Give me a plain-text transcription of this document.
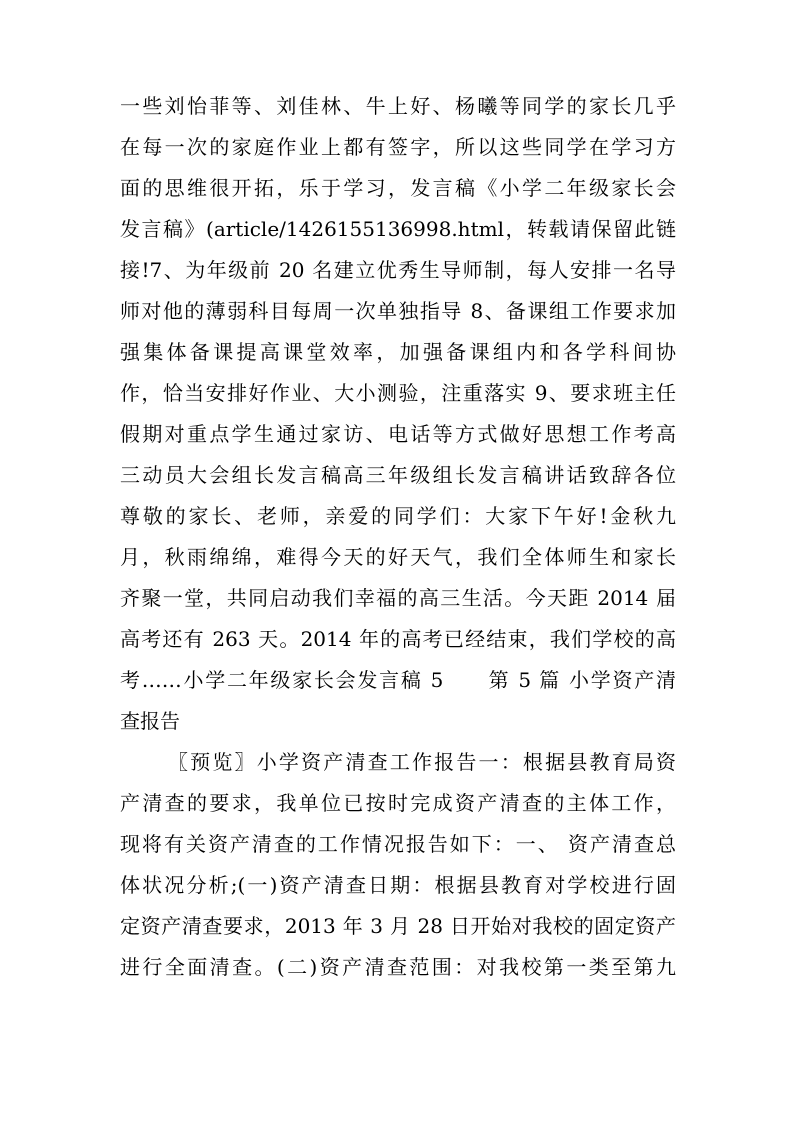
一些刘怡菲等、刘佳林、牛上好、杨曦等同学的家长几乎
在每一次的家庭作业上都有签字，所以这些同学在学习方
面的思维很开拓，乐于学习，发言稿《小学二年级家长会
发言稿》(article/1426155136998.html，转载请保留此链
接!7、为年级前 20 名建立优秀生导师制，每人安排一名导
师对他的薄弱科目每周一次单独指导 8、备课组工作要求加
强集体备课提高课堂效率，加强备课组内和各学科间协
作，恰当安排好作业、大小测验，注重落实 9、要求班主任
假期对重点学生通过家访、电话等方式做好思想工作考高
三动员大会组长发言稿高三年级组长发言稿讲话致辞各位
尊敬的家长、老师，亲爱的同学们：大家下午好!金秋九
月，秋雨绵绵，难得今天的好天气，我们全体师生和家长
齐聚一堂，共同启动我们幸福的高三生活。今天距 2014 届
高考还有 263 天。2014 年的高考已经结束，我们学校的高
考……小学二年级家长会发言稿 5　　第 5 篇 小学资产清
查报告
〖预览〗小学资产清查工作报告一：根据县教育局资
产清查的要求，我单位已按时完成资产清查的主体工作，
现将有关资产清查的工作情况报告如下：一、 资产清查总
体状况分析;(一)资产清查日期：根据县教育对学校进行固
定资产清查要求，2013 年 3 月 28 日开始对我校的固定资产
进行全面清查。(二)资产清查范围：对我校第一类至第九
